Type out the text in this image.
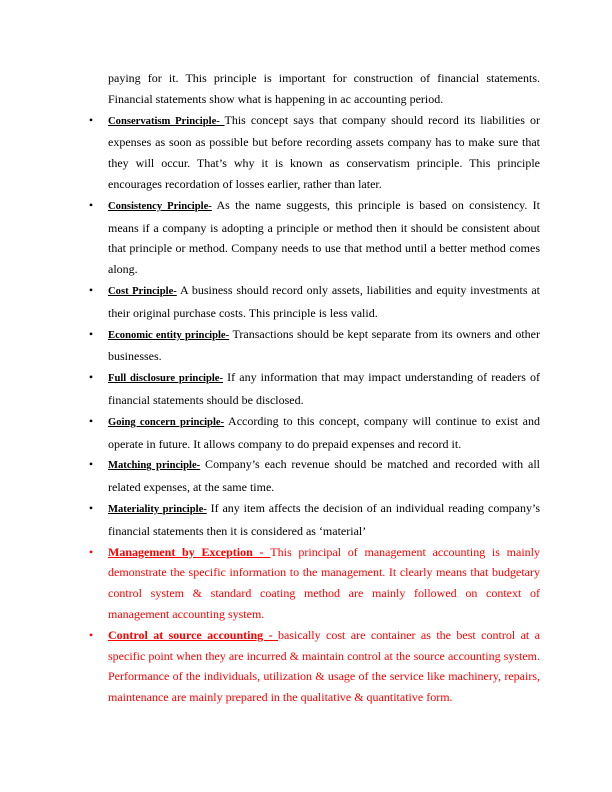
paying for it. This principle is important for construction of financial statements. Financial statements show what is happening in ac accounting period.

• Conservatism Principle- This concept says that company should record its liabilities or expenses as soon as possible but before recording assets company has to make sure that they will occur. That’s why it is known as conservatism principle. This principle encourages recordation of losses earlier, rather than later.
• Consistency Principle- As the name suggests, this principle is based on consistency. It means if a company is adopting a principle or method then it should be consistent about that principle or method. Company needs to use that method until a better method comes along.
• Cost Principle- A business should record only assets, liabilities and equity investments at their original purchase costs. This principle is less valid.
• Economic entity principle- Transactions should be kept separate from its owners and other businesses.
• Full disclosure principle- If any information that may impact understanding of readers of financial statements should be disclosed.
• Going concern principle- According to this concept, company will continue to exist and operate in future. It allows company to do prepaid expenses and record it.
• Matching principle- Company’s each revenue should be matched and recorded with all related expenses, at the same time.
• Materiality principle- If any item affects the decision of an individual reading company’s financial statements then it is considered as ‘material’
• Management by Exception - This principal of management accounting is mainly demonstrate the specific information to the management. It clearly means that budgetary control system & standard coating method are mainly followed on context of management accounting system.
• Control at source accounting - basically cost are container as the best control at a specific point when they are incurred & maintain control at the source accounting system. Performance of the individuals, utilization & usage of the service like machinery, repairs, maintenance are mainly prepared in the qualitative & quantitative form.
